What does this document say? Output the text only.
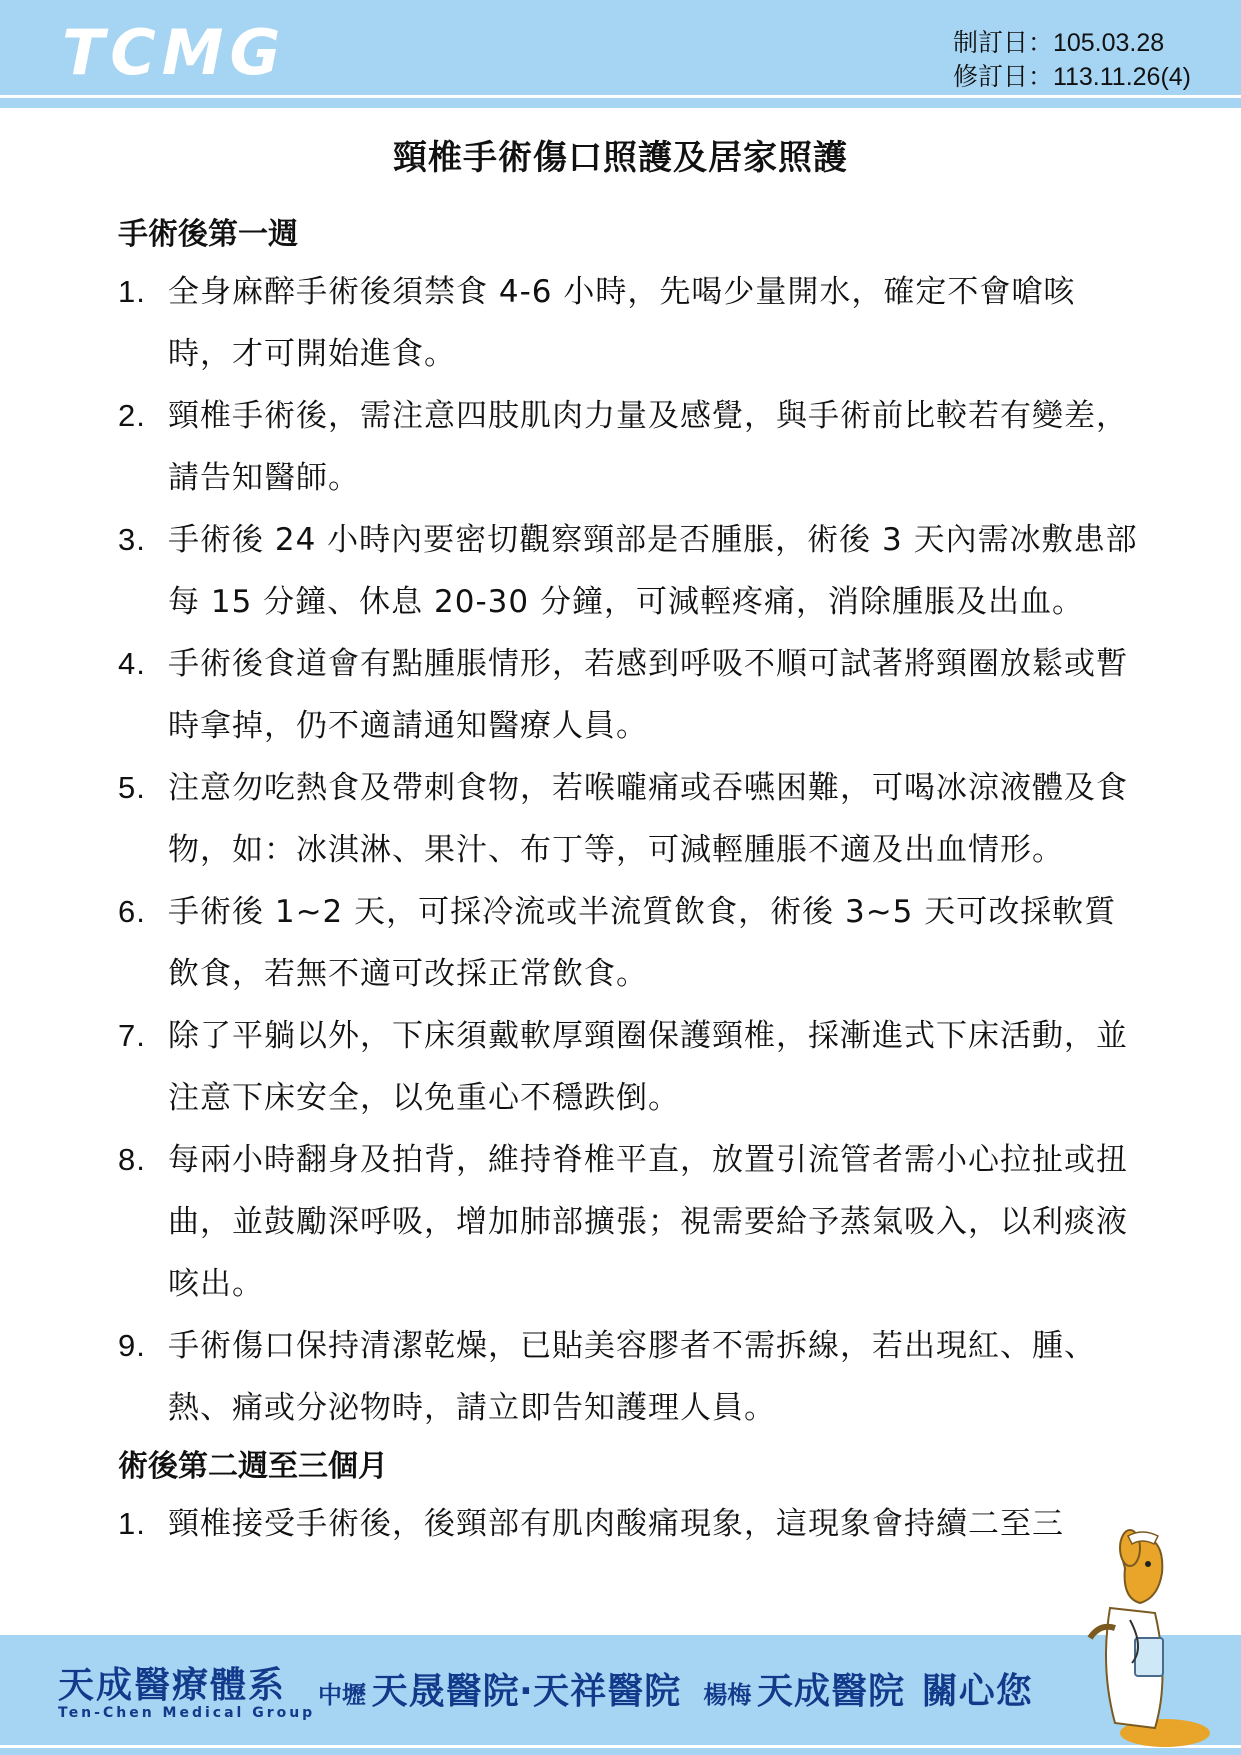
TCMG	制訂日：105.03.28
修訂日：113.11.26(4)
頸椎手術傷口照護及居家照護
手術後第一週
1. 全身麻醉手術後須禁食 4-6 小時，先喝少量開水，確定不會嗆咳時，才可開始進食。
2. 頸椎手術後，需注意四肢肌肉力量及感覺，與手術前比較若有變差，請告知醫師。
3. 手術後 24 小時內要密切觀察頸部是否腫脹，術後 3 天內需冰敷患部每 15 分鐘、休息 20-30 分鐘，可減輕疼痛，消除腫脹及出血。
4. 手術後食道會有點腫脹情形，若感到呼吸不順可試著將頸圈放鬆或暫時拿掉，仍不適請通知醫療人員。
5. 注意勿吃熱食及帶刺食物，若喉嚨痛或吞嚥困難，可喝冰涼液體及食物，如：冰淇淋、果汁、布丁等，可減輕腫脹不適及出血情形。
6. 手術後 1~2 天，可採冷流或半流質飲食，術後 3~5 天可改採軟質飲食，若無不適可改採正常飲食。
7. 除了平躺以外，下床須戴軟厚頸圈保護頸椎，採漸進式下床活動，並注意下床安全，以免重心不穩跌倒。
8. 每兩小時翻身及拍背，維持脊椎平直，放置引流管者需小心拉扯或扭曲，並鼓勵深呼吸，增加肺部擴張；視需要給予蒸氣吸入，以利痰液咳出。
9. 手術傷口保持清潔乾燥，已貼美容膠者不需拆線，若出現紅、腫、熱、痛或分泌物時，請立即告知護理人員。
術後第二週至三個月
1. 頸椎接受手術後，後頸部有肌肉酸痛現象，這現象會持續二至三
天成醫療體系
Ten-Chen Medical Group
中壢 天晟醫院‧天祥醫院 楊梅 天成醫院 關心您
